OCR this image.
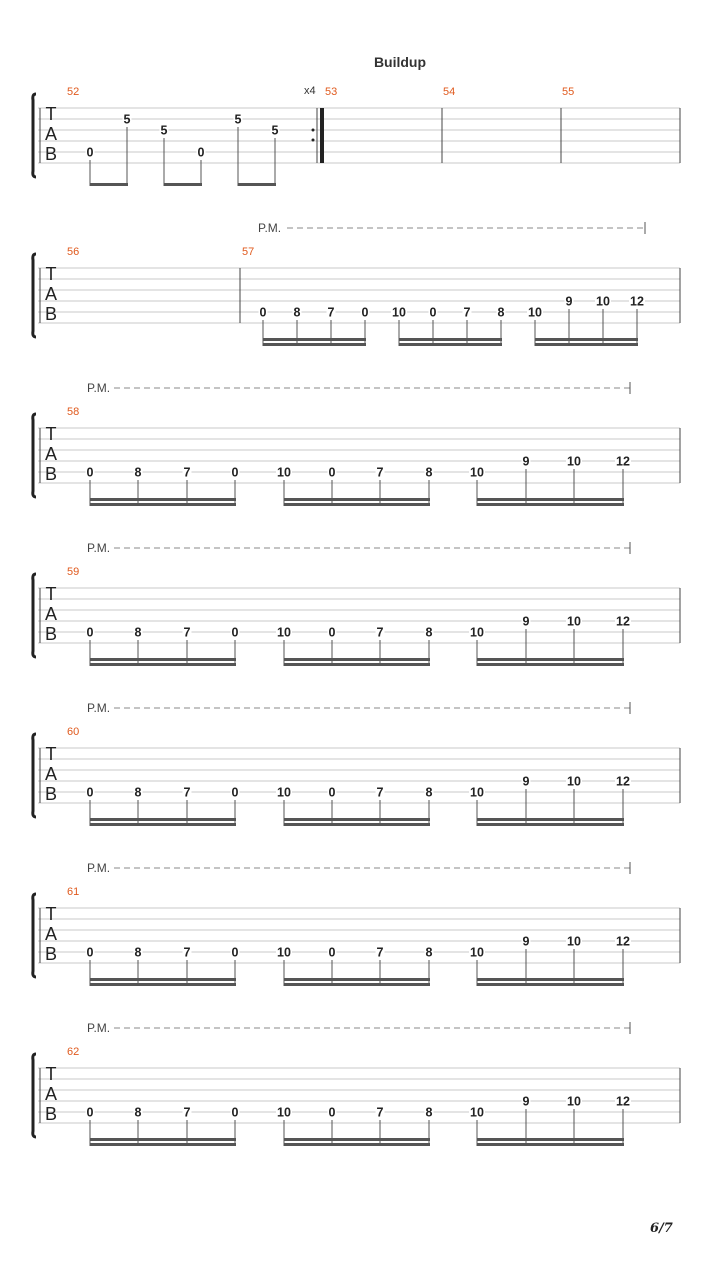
Buildup
T
A
B
52
0
5
5
0
5
5
x4 53	54	55
P.M.
T
A
B
56	57
0 8 7 0 10 0 7 8 10
9 10 12
P.M.
T
A
B
58
0	8	7	0	10	0	7	8	10
9	10	12
P.M.
T
A
B
59
0	8	7	0	10	0	7	8	10
9	10	12
P.M.
T
A
B
60
0	8	7	0	10	0	7	8	10
9	10	12
P.M.
T
A
B
61
0	8	7	0	10	0	7	8	10
9	10	12
P.M.
T
A
B
62
0	8	7	0	10	0	7	8	10
9	10	12
6/7
